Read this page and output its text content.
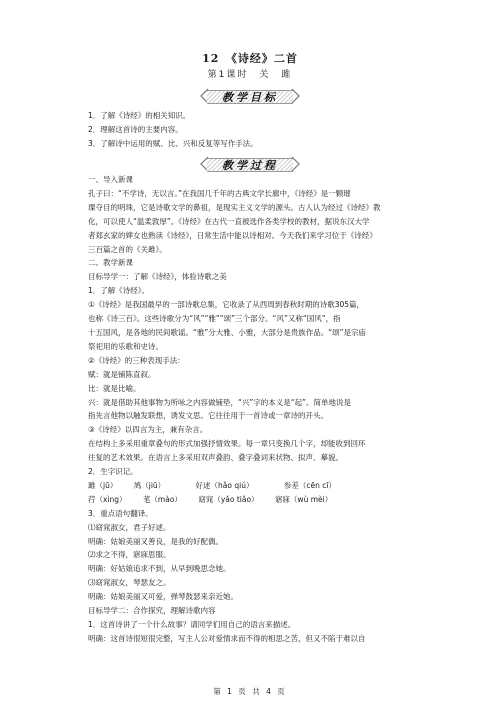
12　《诗经》二首
第1课时　关　雎
教学目标

1．了解《诗经》的相关知识。

2．理解这首诗的主要内容。

3．了解诗中运用的赋、比、兴和反复等写作手法。

教学过程

一、导入新课

孔子曰：“不学诗，无以言。”在我国几千年的古典文学长廊中，《诗经》是一颗璀

璨夺目的明珠，它是诗歌文学的鼻祖，是现实主义文学的源头。古人认为经过《诗经》教

化，可以使人“温柔敦厚”。《诗经》在古代一直被选作各类学校的教材，据说东汉大学

者郑玄家的婢女也熟读《诗经》，日常生活中能以诗相对。今天我们来学习位于《诗经》

三百篇之首的《关雎》。

二、教学新课

目标导学一：了解《诗经》，体验诗歌之美

1．了解《诗经》。

①《诗经》是我国最早的一部诗歌总集，它收录了从西周到春秋时期的诗歌305篇，

也称《诗三百》。这些诗歌分为“风”“雅”“颂”三个部分。“风”又称“国风”，指

十五国风，是各地的民间歌谣。“雅”分大雅、小雅，大部分是贵族作品。“颂”是宗庙

祭祀用的乐歌和史诗。

②《诗经》的三种表现手法：

赋：就是铺陈直叙。

比：就是比喻。

兴：就是借助其他事物为所咏之内容做铺垫，“兴”字的本义是“起”。简单地说是

指先言他物以触发联想，诱发文思。它往往用于一首诗或一章诗的开头。

③《诗经》以四言为主，兼有杂言。

在结构上多采用重章叠句的形式加强抒情效果。每一章只变换几个字，却能收到回环

往复的艺术效果。在语言上多采用双声叠韵、叠字叠词来状物、拟声、摹貌。

2．生字识记。

雎（jū） 鸠（jiū）	好逑（hǎo qiú）	参差（cēn cī）

荇（xìng） 芼（mào） 窈窕（yǎo tiǎo） 寤寐（wù mèi）

3．重点语句翻译。

⑴窈窕淑女，君子好逑。

明确：姑娘美丽又善良，是我的好配偶。

⑵求之不得，寤寐思服。

明确：好姑娘追求不到，从早到晚思念她。

⑶窈窕淑女，琴瑟友之。

明确：姑娘美丽又可爱，弹琴鼓瑟来亲近她。

目标导学二：合作探究，理解诗歌内容

1．这首诗讲了一个什么故事？请同学们用自己的语言来描述。

明确：这首诗很短很完整，写主人公对爱情求而不得的相思之苦，但又不陷于难以自

第 1 页 共 4 页
